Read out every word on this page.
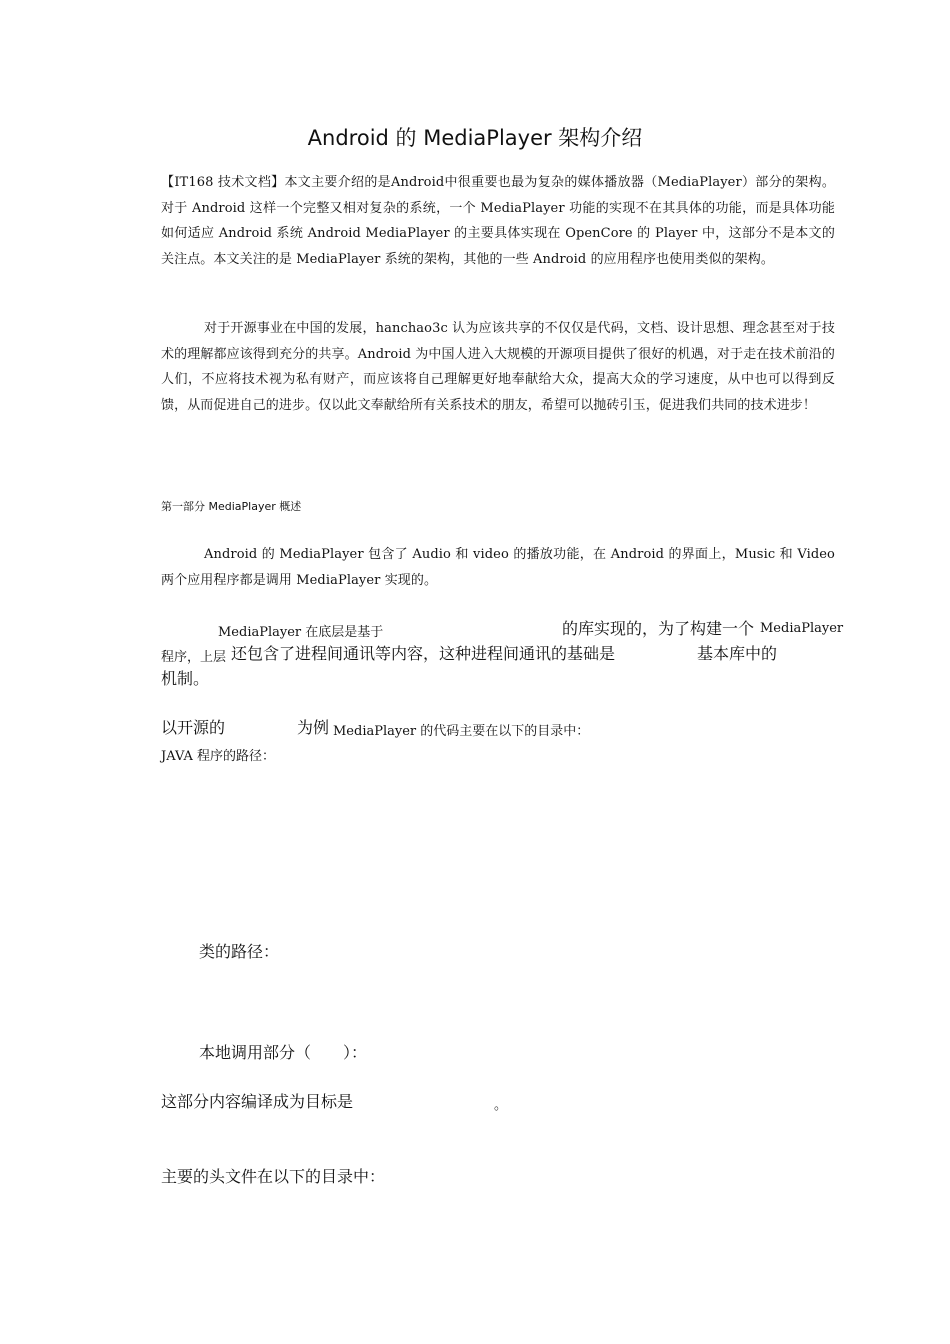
Android 的 MediaPlayer 架构介绍

【IT168 技术文档】本文主要介绍的是Android中很重要也最为复杂的媒体播放器（MediaPlayer）部分的架构。对于 Android 这样一个完整又相对复杂的系统，一个 MediaPlayer 功能的实现不在其具体的功能，而是具体功能如何适应 Android 系统 Android MediaPlayer 的主要具体实现在 OpenCore 的 Player 中，这部分不是本文的关注点。本文关注的是 MediaPlayer 系统的架构，其他的一些 Android 的应用程序也使用类似的架构。

对于开源事业在中国的发展，hanchao3c 认为应该共享的不仅仅是代码，文档、设计思想、理念甚至对于技术的理解都应该得到充分的共享。Android 为中国人进入大规模的开源项目提供了很好的机遇，对于走在技术前沿的人们，不应将技术视为私有财产，而应该将自己理解更好地奉献给大众，提高大众的学习速度，从中也可以得到反馈，从而促进自己的进步。仅以此文奉献给所有关系技术的朋友，希望可以抛砖引玉，促进我们共同的技术进步！

第一部分 MediaPlayer 概述

Android 的 MediaPlayer 包含了 Audio 和 video 的播放功能，在 Android 的界面上，Music 和 Video 两个应用程序都是调用 MediaPlayer 实现的。

MediaPlayer 在底层是基于	的库实现的，为了构建一个 MediaPlayer
程序，上层 还包含了进程间通讯等内容，这种进程间通讯的基础是	基本库中的
机制。
以开源的	为例 MediaPlayer 的代码主要在以下的目录中：
JAVA 程序的路径：
类的路径：
本地调用部分（　　）：
这部分内容编译成为目标是	。
主要的头文件在以下的目录中：
